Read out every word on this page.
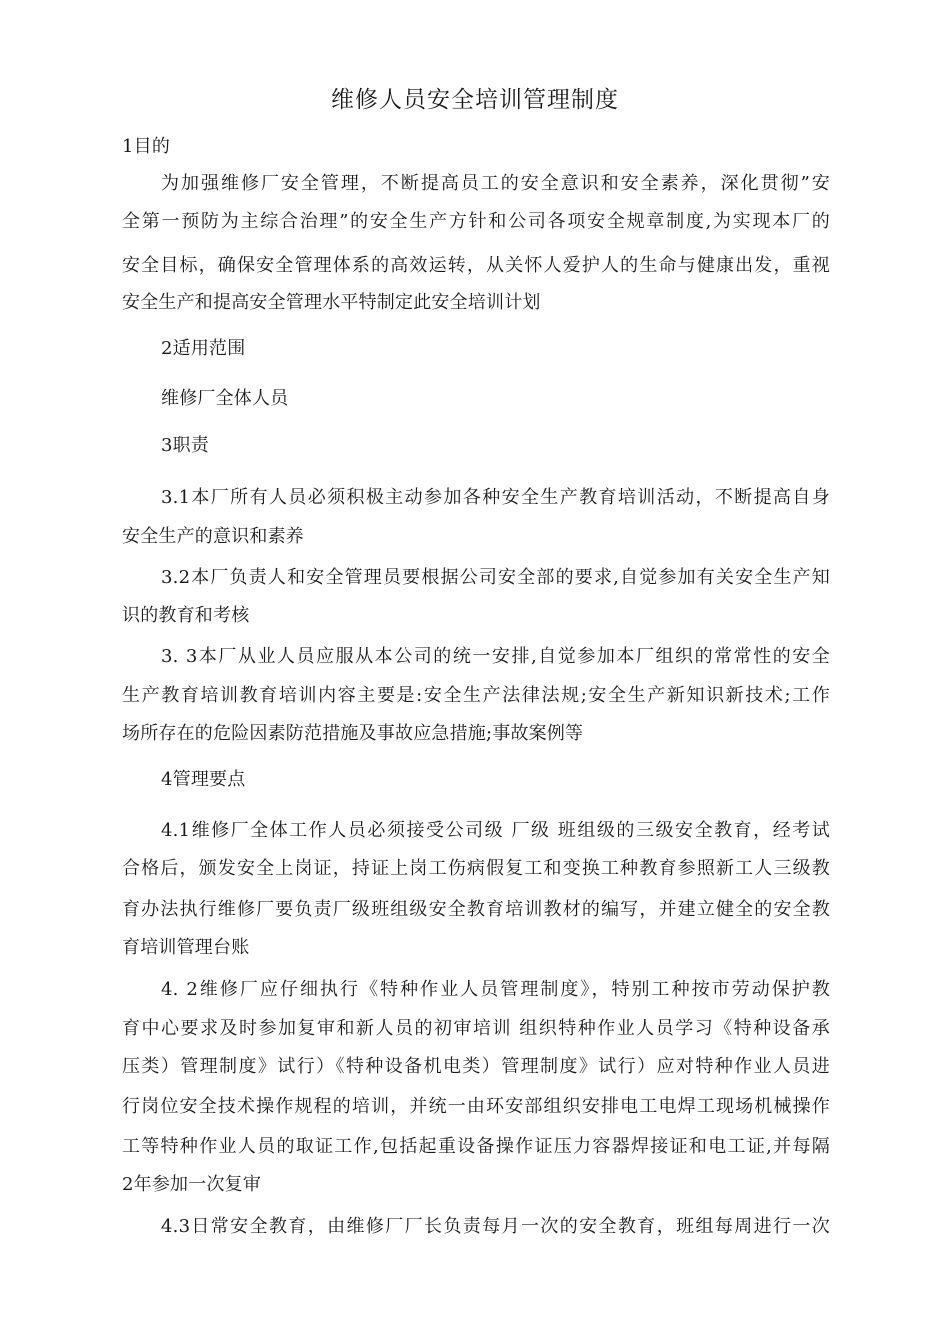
维修人员安全培训管理制度
1目的
为加强维修厂安全管理，不断提高员工的安全意识和安全素养，深化贯彻”安
全第一预防为主综合治理”的安全生产方针和公司各项安全规章制度,为实现本厂的
安全目标，确保安全管理体系的高效运转，从关怀人爱护人的生命与健康出发，重视
安全生产和提高安全管理水平特制定此安全培训计划
2适用范围
维修厂全体人员
3职责
3.1本厂所有人员必须积极主动参加各种安全生产教育培训活动，不断提高自身
安全生产的意识和素养
3.2本厂负责人和安全管理员要根据公司安全部的要求,自觉参加有关安全生产知
识的教育和考核
3. 3本厂从业人员应服从本公司的统一安排,自觉参加本厂组织的常常性的安全
生产教育培训教育培训内容主要是:安全生产法律法规;安全生产新知识新技术;工作
场所存在的危险因素防范措施及事故应急措施;事故案例等
4管理要点
4.1维修厂全体工作人员必须接受公司级 厂级 班组级的三级安全教育，经考试
合格后，颁发安全上岗证，持证上岗工伤病假复工和变换工种教育参照新工人三级教
育办法执行维修厂要负责厂级班组级安全教育培训教材的编写，并建立健全的安全教
育培训管理台账
4. 2维修厂应仔细执行《特种作业人员管理制度》，特别工种按市劳动保护教
育中心要求及时参加复审和新人员的初审培训 组织特种作业人员学习《特种设备承
压类）管理制度》试行）《特种设备机电类）管理制度》试行）应对特种作业人员进
行岗位安全技术操作规程的培训，并统一由环安部组织安排电工电焊工现场机械操作
工等特种作业人员的取证工作,包括起重设备操作证压力容器焊接证和电工证,并每隔
2年参加一次复审
4.3日常安全教育，由维修厂厂长负责每月一次的安全教育，班组每周进行一次
